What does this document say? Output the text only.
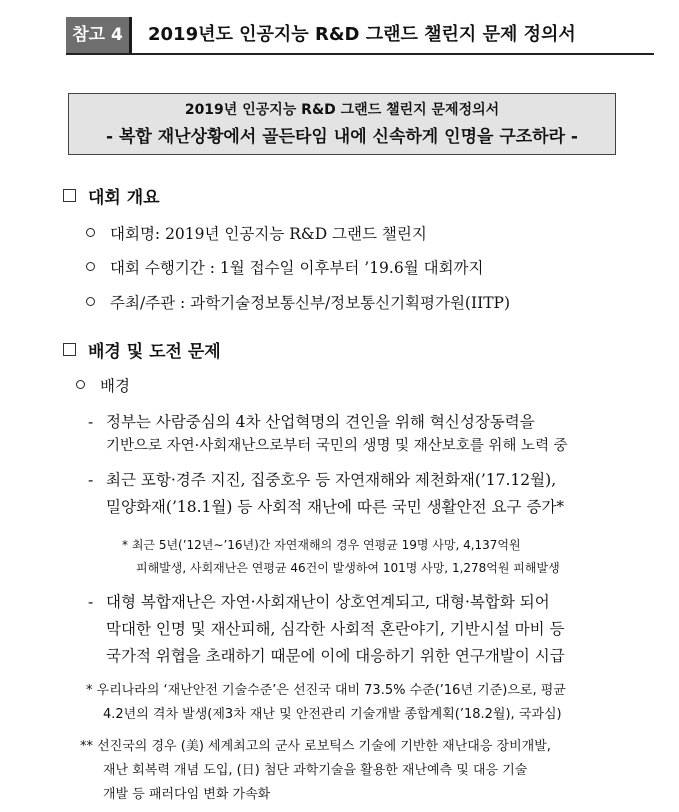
참고 4	2019년도 인공지능 R&D 그랜드 챌린지 문제 정의서
2019년 인공지능 R&D 그랜드 챌린지 문제정의서
- 복합 재난상황에서 골든타임 내에 신속하게 인명을 구조하라 -
대회 개요
대회명: 2019년 인공지능 R&D 그랜드 챌린지
대회 수행기간 : 1월 접수일 이후부터 ’19.6월 대회까지
주최/주관 : 과학기술정보통신부/정보통신기획평가원(IITP)
배경 및 도전 문제
배경
- 정부는 사람중심의 4차 산업혁명의 견인을 위해 혁신성장동력을
기반으로 자연·사회재난으로부터 국민의 생명 및 재산보호를 위해 노력 중
- 최근 포항·경주 지진, 집중호우 등 자연재해와 제천화재(’17.12월),
밀양화재(’18.1월) 등 사회적 재난에 따른 국민 생활안전 요구 증가*
* 최근 5년(’12년∼’16년)간 자연재해의 경우 연평균 19명 사망, 4,137억원
피해발생, 사회재난은 연평균 46건이 발생하여 101명 사망, 1,278억원 피해발생
- 대형 복합재난은 자연·사회재난이 상호연계되고, 대형·복합화 되어
막대한 인명 및 재산피해, 심각한 사회적 혼란야기, 기반시설 마비 등
국가적 위협을 초래하기 때문에 이에 대응하기 위한 연구개발이 시급
* 우리나라의 ‘재난안전 기술수준’은 선진국 대비 73.5% 수준(’16년 기준)으로, 평균
4.2년의 격차 발생(제3차 재난 및 안전관리 기술개발 종합계획(’18.2월), 국과심)
** 선진국의 경우 (美) 세계최고의 군사 로보틱스 기술에 기반한 재난대응 장비개발,
재난 회복력 개념 도입, (日) 첨단 과학기술을 활용한 재난예측 및 대응 기술
개발 등 패러다임 변화 가속화
